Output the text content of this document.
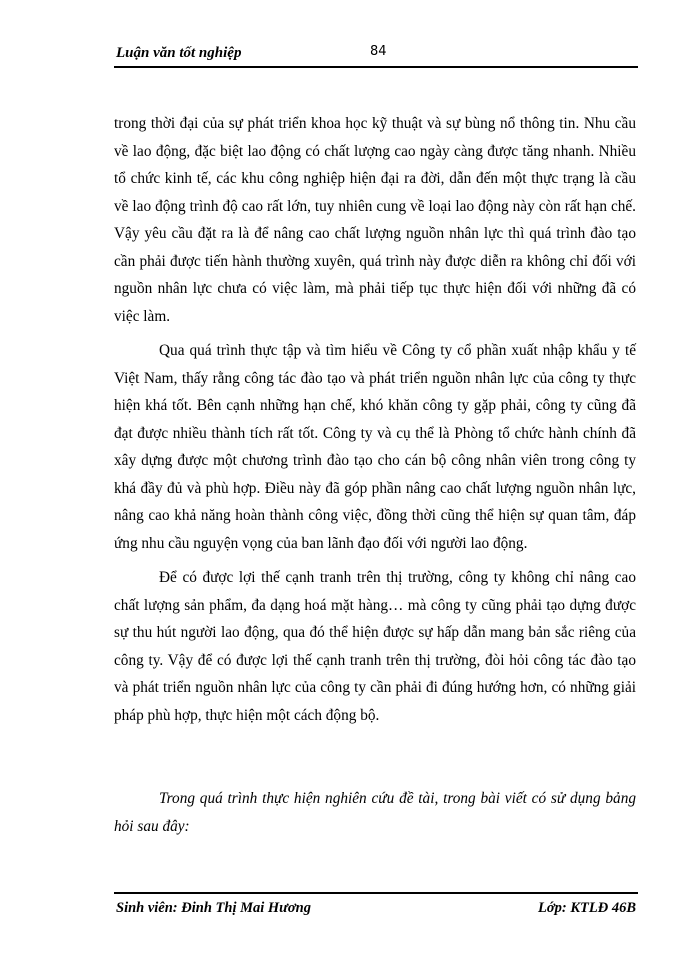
Luận văn tốt nghiệp	84

trong thời đại của sự phát triển khoa học kỹ thuật và sự bùng nổ thông tin. Nhu cầu về lao động, đặc biệt lao động có chất lượng cao ngày càng được tăng nhanh. Nhiều tổ chức kinh tế, các khu công nghiệp hiện đại ra đời, dẫn đến một thực trạng là cầu về lao động trình độ cao rất lớn, tuy nhiên cung về loại lao động này còn rất hạn chế. Vậy yêu cầu đặt ra là để nâng cao chất lượng nguồn nhân lực thì quá trình đào tạo cần phải được tiến hành thường xuyên, quá trình này được diễn ra không chỉ đối với nguồn nhân lực chưa có việc làm, mà phải tiếp tục thực hiện đối với những đã có việc làm.

Qua quá trình thực tập và tìm hiểu về Công ty cổ phần xuất nhập khẩu y tế Việt Nam, thấy rằng công tác đào tạo và phát triển nguồn nhân lực của công ty thực hiện khá tốt. Bên cạnh những hạn chế, khó khăn công ty gặp phải, công ty cũng đã đạt được nhiều thành tích rất tốt. Công ty và cụ thể là Phòng tổ chức hành chính đã xây dựng được một chương trình đào tạo cho cán bộ công nhân viên trong công ty khá đầy đủ và phù hợp. Điều này đã góp phần nâng cao chất lượng nguồn nhân lực, nâng cao khả năng hoàn thành công việc, đồng thời cũng thể hiện sự quan tâm, đáp ứng nhu cầu nguyện vọng của ban lãnh đạo đối với người lao động.

Để có được lợi thế cạnh tranh trên thị trường, công ty không chỉ nâng cao chất lượng sản phẩm, đa dạng hoá mặt hàng… mà công ty cũng phải tạo dựng được sự thu hút người lao động, qua đó thể hiện được sự hấp dẫn mang bản sắc riêng của công ty. Vậy để có được lợi thế cạnh tranh trên thị trường, đòi hỏi công tác đào tạo và phát triển nguồn nhân lực của công ty cần phải đi đúng hướng hơn, có những giải pháp phù hợp, thực hiện một cách động bộ.

Trong quá trình thực hiện nghiên cứu đề tài, trong bài viết có sử dụng bảng hỏi sau đây:

Sinh viên: Đinh Thị Mai Hương	Lớp: KTLĐ 46B
